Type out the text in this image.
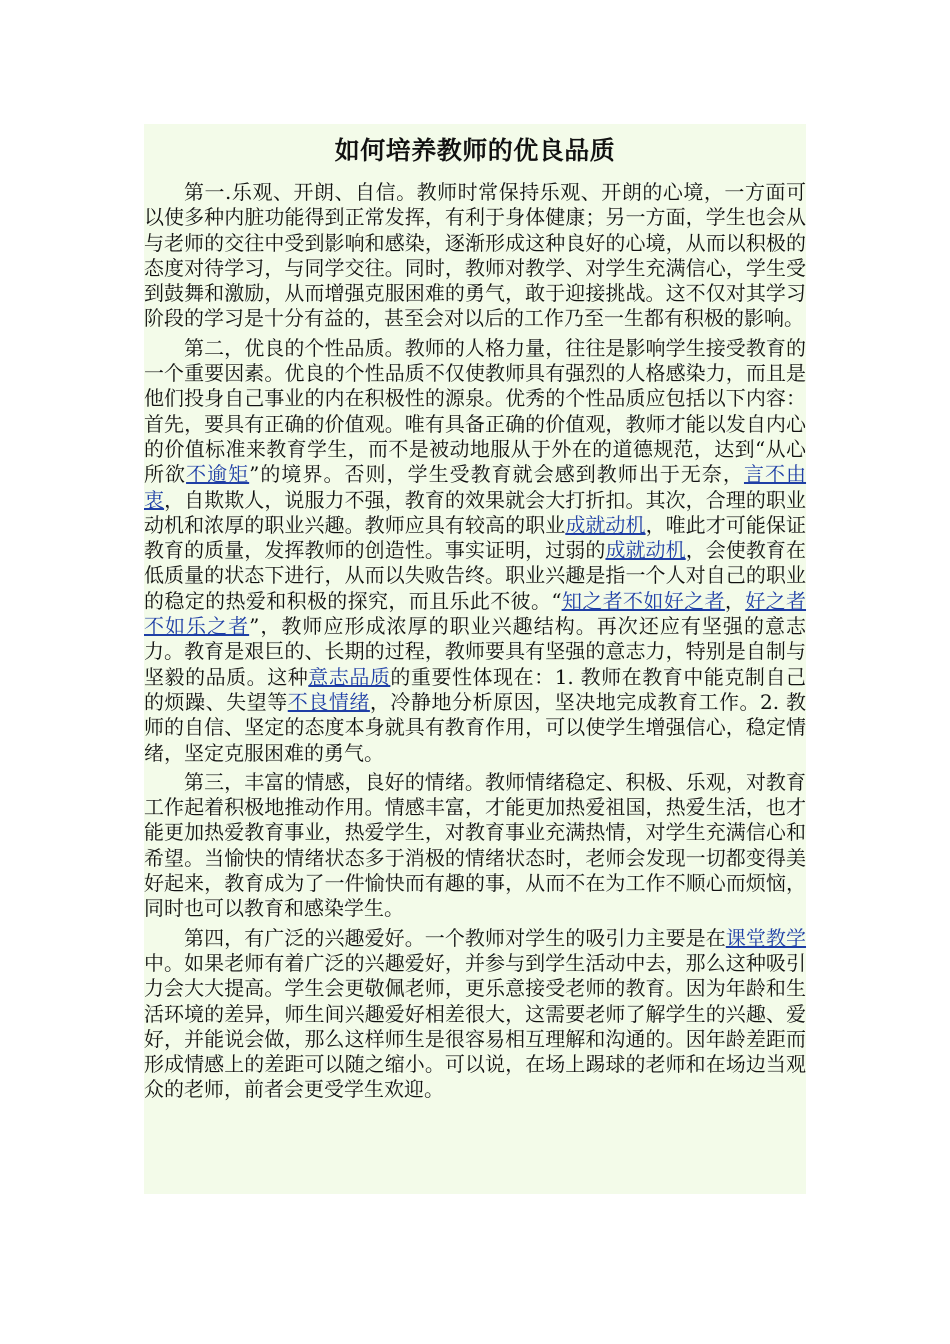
如何培养教师的优良品质

第一.乐观、开朗、自信。教师时常保持乐观、开朗的心境，一方面可以使多种内脏功能得到正常发挥，有利于身体健康；另一方面，学生也会从与老师的交往中受到影响和感染，逐渐形成这种良好的心境，从而以积极的态度对待学习，与同学交往。同时，教师对教学、对学生充满信心，学生受到鼓舞和激励，从而增强克服困难的勇气，敢于迎接挑战。这不仅对其学习阶段的学习是十分有益的，甚至会对以后的工作乃至一生都有积极的影响。

第二，优良的个性品质。教师的人格力量，往往是影响学生接受教育的一个重要因素。优良的个性品质不仅使教师具有强烈的人格感染力，而且是他们投身自己事业的内在积极性的源泉。优秀的个性品质应包括以下内容： 首先，要具有正确的价值观。唯有具备正确的价值观，教师才能以发自内心的价值标准来教育学生，而不是被动地服从于外在的道德规范，达到“从心所欲不逾矩”的境界。否则，学生受教育就会感到教师出于无奈，言不由衷，自欺欺人，说服力不强，教育的效果就会大打折扣。其次，合理的职业动机和浓厚的职业兴趣。教师应具有较高的职业成就动机，唯此才可能保证教育的质量，发挥教师的创造性。事实证明，过弱的成就动机，会使教育在低质量的状态下进行，从而以失败告终。职业兴趣是指一个人对自己的职业的稳定的热爱和积极的探究，而且乐此不彼。“知之者不如好之者，好之者不如乐之者”，教师应形成浓厚的职业兴趣结构。再次还应有坚强的意志力。教育是艰巨的、长期的过程，教师要具有坚强的意志力，特别是自制与坚毅的品质。这种意志品质的重要性体现在：1. 教师在教育中能克制自己的烦躁、失望等不良情绪，冷静地分析原因，坚决地完成教育工作。2. 教师的自信、坚定的态度本身就具有教育作用，可以使学生增强信心，稳定情绪，坚定克服困难的勇气。

第三，丰富的情感，良好的情绪。教师情绪稳定、积极、乐观，对教育工作起着积极地推动作用。情感丰富，才能更加热爱祖国，热爱生活，也才能更加热爱教育事业，热爱学生，对教育事业充满热情，对学生充满信心和希望。当愉快的情绪状态多于消极的情绪状态时，老师会发现一切都变得美好起来，教育成为了一件愉快而有趣的事，从而不在为工作不顺心而烦恼，同时也可以教育和感染学生。

第四，有广泛的兴趣爱好。一个教师对学生的吸引力主要是在课堂教学中。如果老师有着广泛的兴趣爱好，并参与到学生活动中去，那么这种吸引力会大大提高。学生会更敬佩老师，更乐意接受老师的教育。因为年龄和生活环境的差异，师生间兴趣爱好相差很大，这需要老师了解学生的兴趣、爱好，并能说会做，那么这样师生是很容易相互理解和沟通的。因年龄差距而形成情感上的差距可以随之缩小。可以说，在场上踢球的老师和在场边当观众的老师，前者会更受学生欢迎。
